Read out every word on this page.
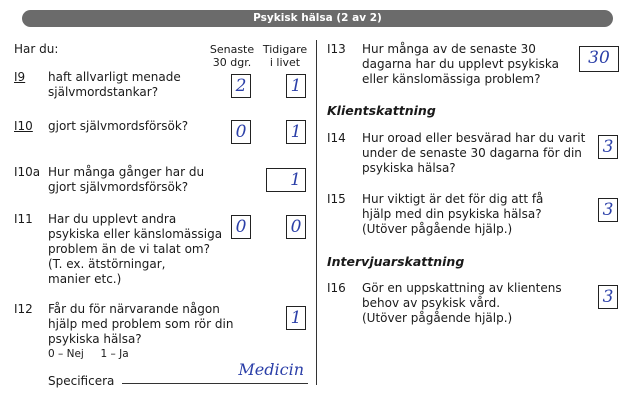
Psykisk hälsa (2 av 2)
Har du:	Senaste
30 dgr.
Tidigare
i livet
I9 haft allvarligt menade
självmordstankar?	2	1
I10 gjort självmordsförsök?	0	1
I10a Hur många gånger har du
gjort självmordsförsök?	1
I11 Har du upplevt andra
psykiska eller känslomässiga
problem än de vi talat om?
(T. ex. ätstörningar,
manier etc.)
0	0
I12 Får du för närvarande någon
hjälp med problem som rör din
psykiska hälsa?
0 – Nej     1 – Ja
1
Specificera
Medicin
I13 Hur många av de senaste 30
dagarna har du upplevt psykiska
eller känslomässiga problem?
30
Klientskattning
I14 Hur oroad eller besvärad har du varit
under de senaste 30 dagarna för din
psykiska hälsa?
3
I15 Hur viktigt är det för dig att få
hjälp med din psykiska hälsa?
(Utöver pågående hjälp.)
3
Intervjuarskattning
I16 Gör en uppskattning av klientens
behov av psykisk vård.
(Utöver pågående hjälp.)
3
